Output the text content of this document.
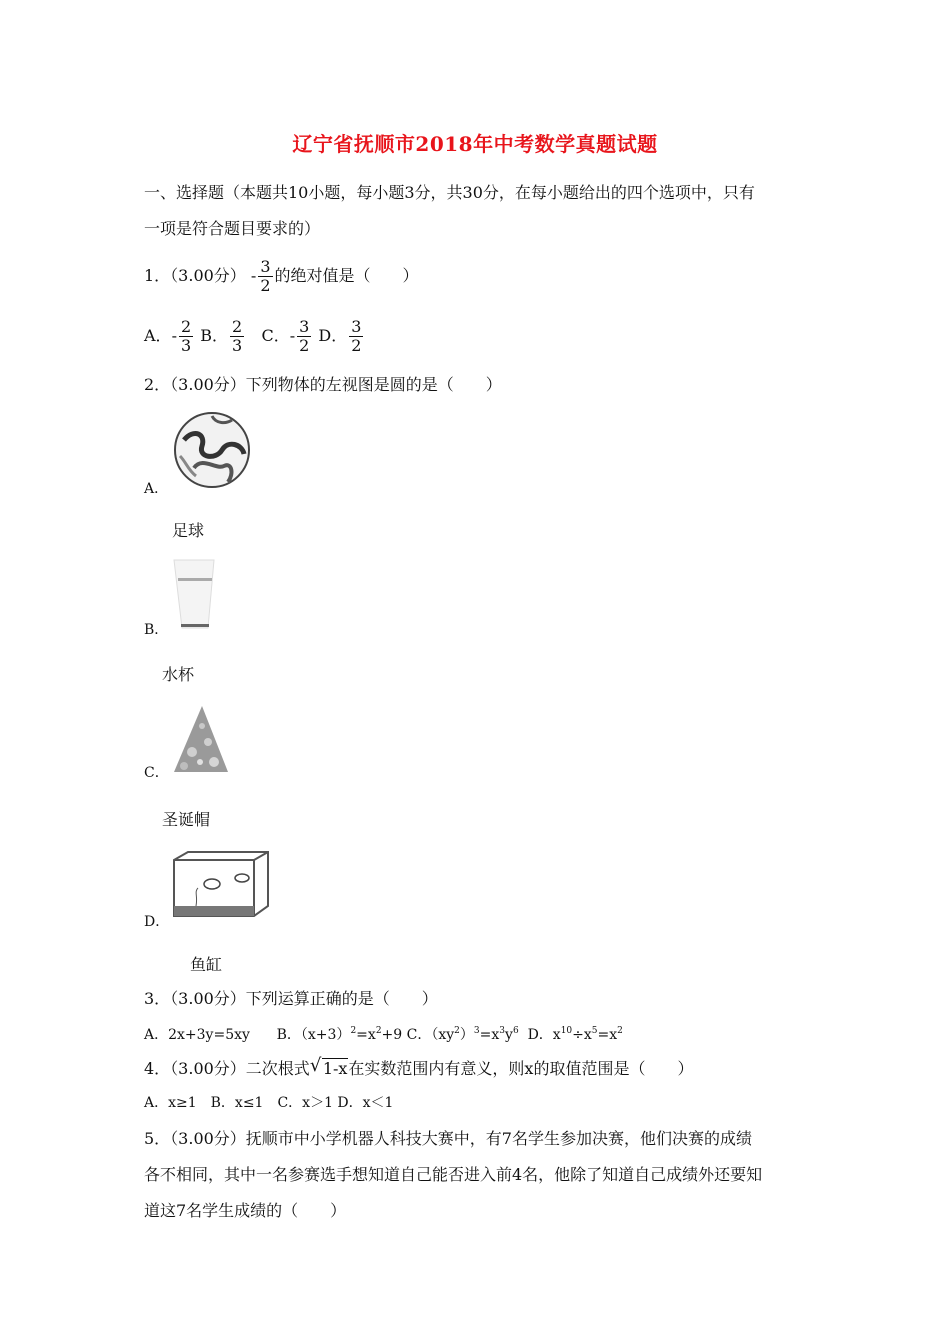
辽宁省抚顺市2018年中考数学真题试题
一、选择题（本题共10小题，每小题3分，共30分，在每小题给出的四个选项中，只有
一项是符合题目要求的）
1．（3.00分） - $\frac{3}{2}$ 的绝对值是（　　）
A．- $\frac{2}{3}$ B． $\frac{2}{3}$ C．- $\frac{3}{2}$ D． $\frac{3}{2}$
2．（3.00分）下列物体的左视图是圆的是（　　）
A．
足球
B．
水杯
C．
圣诞帽
D．
鱼缸
3．（3.00分）下列运算正确的是（　　）
A．2x+3y=5xy B．$(x+3)^2=x^2+9$ C．$(xy^2)^3=x^3y^6$ D．$x^{10}\div x^5=x^2$
4．（3.00分）二次根式 √ 1-x在实数范围内有意义，则x的取值范围是（　　）
A．x≥1　B．x≤1　C．x＞1 D．x＜1
5．（3.00分）抚顺市中小学机器人科技大赛中，有7名学生参加决赛，他们决赛的成绩
各不相同，其中一名参赛选手想知道自己能否进入前4名，他除了知道自己成绩外还要知
道这7名学生成绩的（　　）
